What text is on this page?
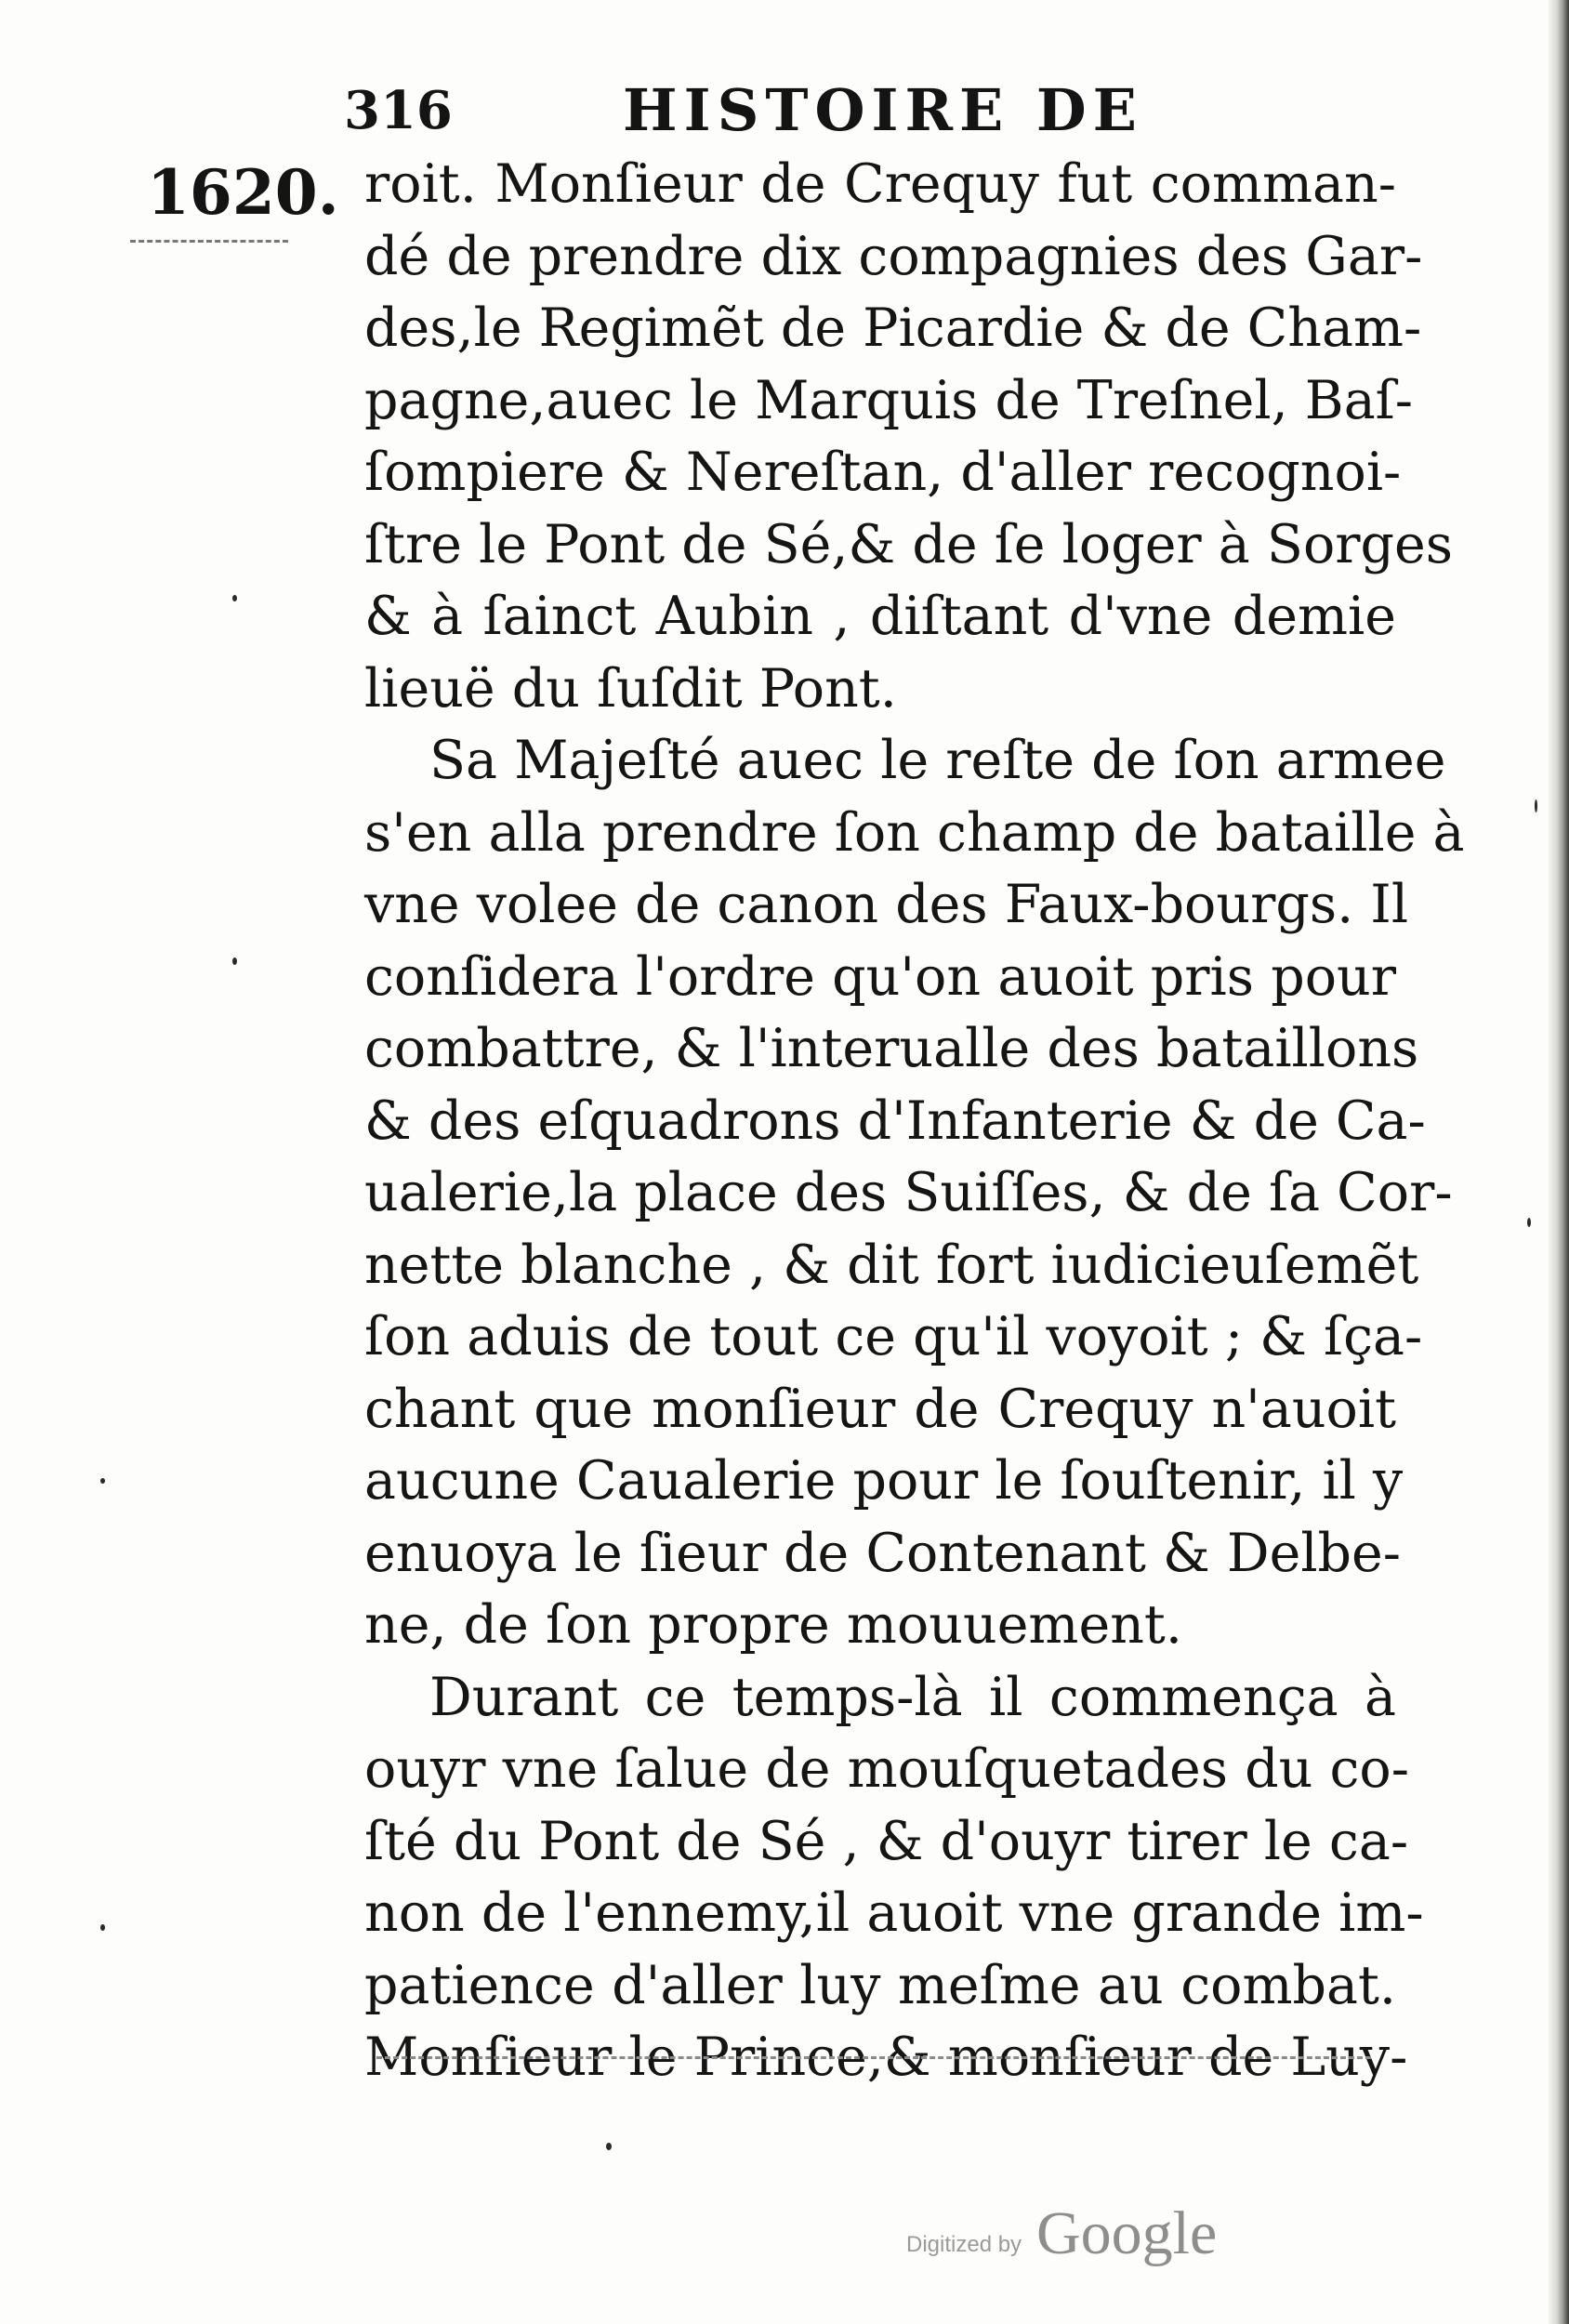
316	HISTOIRE DE
1620. roit. Monſieur de Crequy fut comman-
dé de prendre dix compagnies des Gar-
des,le Regimẽt de Picardie & de Cham-
pagne,auec le Marquis de Treſnel, Baſ-
ſompiere & Nereſtan, d'aller recognoi-
ſtre le Pont de Sé,& de ſe loger à Sorges
& à ſainct Aubin , diſtant d'vne demie
lieuë du ſuſdit Pont.
Sa Majeſté auec le reſte de ſon armee
s'en alla prendre ſon champ de bataille à
vne volee de canon des Faux-bourgs. Il
conſidera l'ordre qu'on auoit pris pour
combattre, & l'interualle des bataillons
& des eſquadrons d'Infanterie & de Ca-
ualerie,la place des Suiſſes, & de ſa Cor-
nette blanche , & dit fort iudicieuſemẽt
ſon aduis de tout ce qu'il voyoit ; & ſça-
chant que monſieur de Crequy n'auoit
aucune Caualerie pour le ſouſtenir, il y
enuoya le ſieur de Contenant & Delbe-
ne, de ſon propre mouuement.
Durant ce temps-là il commença à
ouyr vne ſalue de mouſquetades du co-
ſté du Pont de Sé , & d'ouyr tirer le ca-
non de l'ennemy,il auoit vne grande im-
patience d'aller luy meſme au combat.
Monſieur le Prince,& monſieur de Luy-
Digitized by Google
